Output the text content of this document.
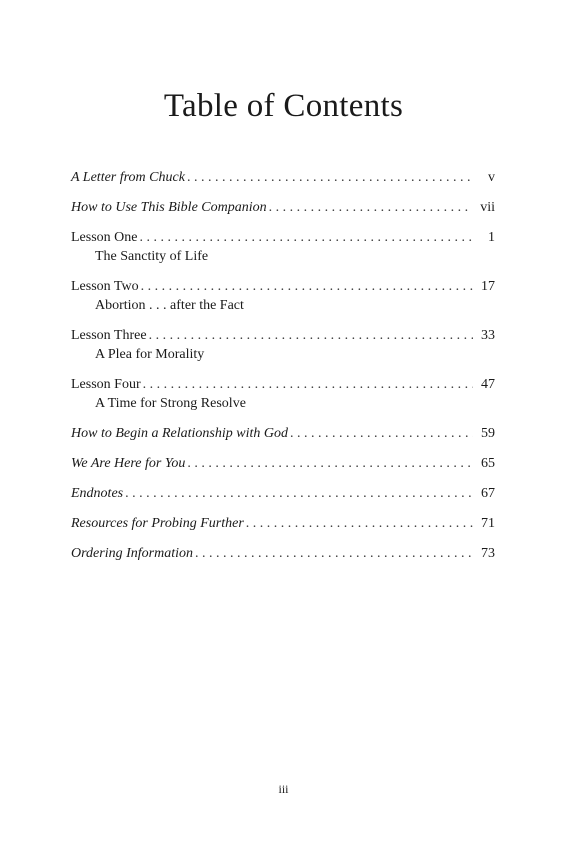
Table of Contents
A Letter from Chuck . . .	v
How to Use This Bible Companion . . .	vii
Lesson One . . .	1
The Sanctity of Life
Lesson Two . . .	17
Abortion . . . after the Fact
Lesson Three . . .	33
A Plea for Morality
Lesson Four . . .	47
A Time for Strong Resolve
How to Begin a Relationship with God . . .	59
We Are Here for You . . .	65
Endnotes . . .	67
Resources for Probing Further . . .	71
Ordering Information . . .	73
iii
